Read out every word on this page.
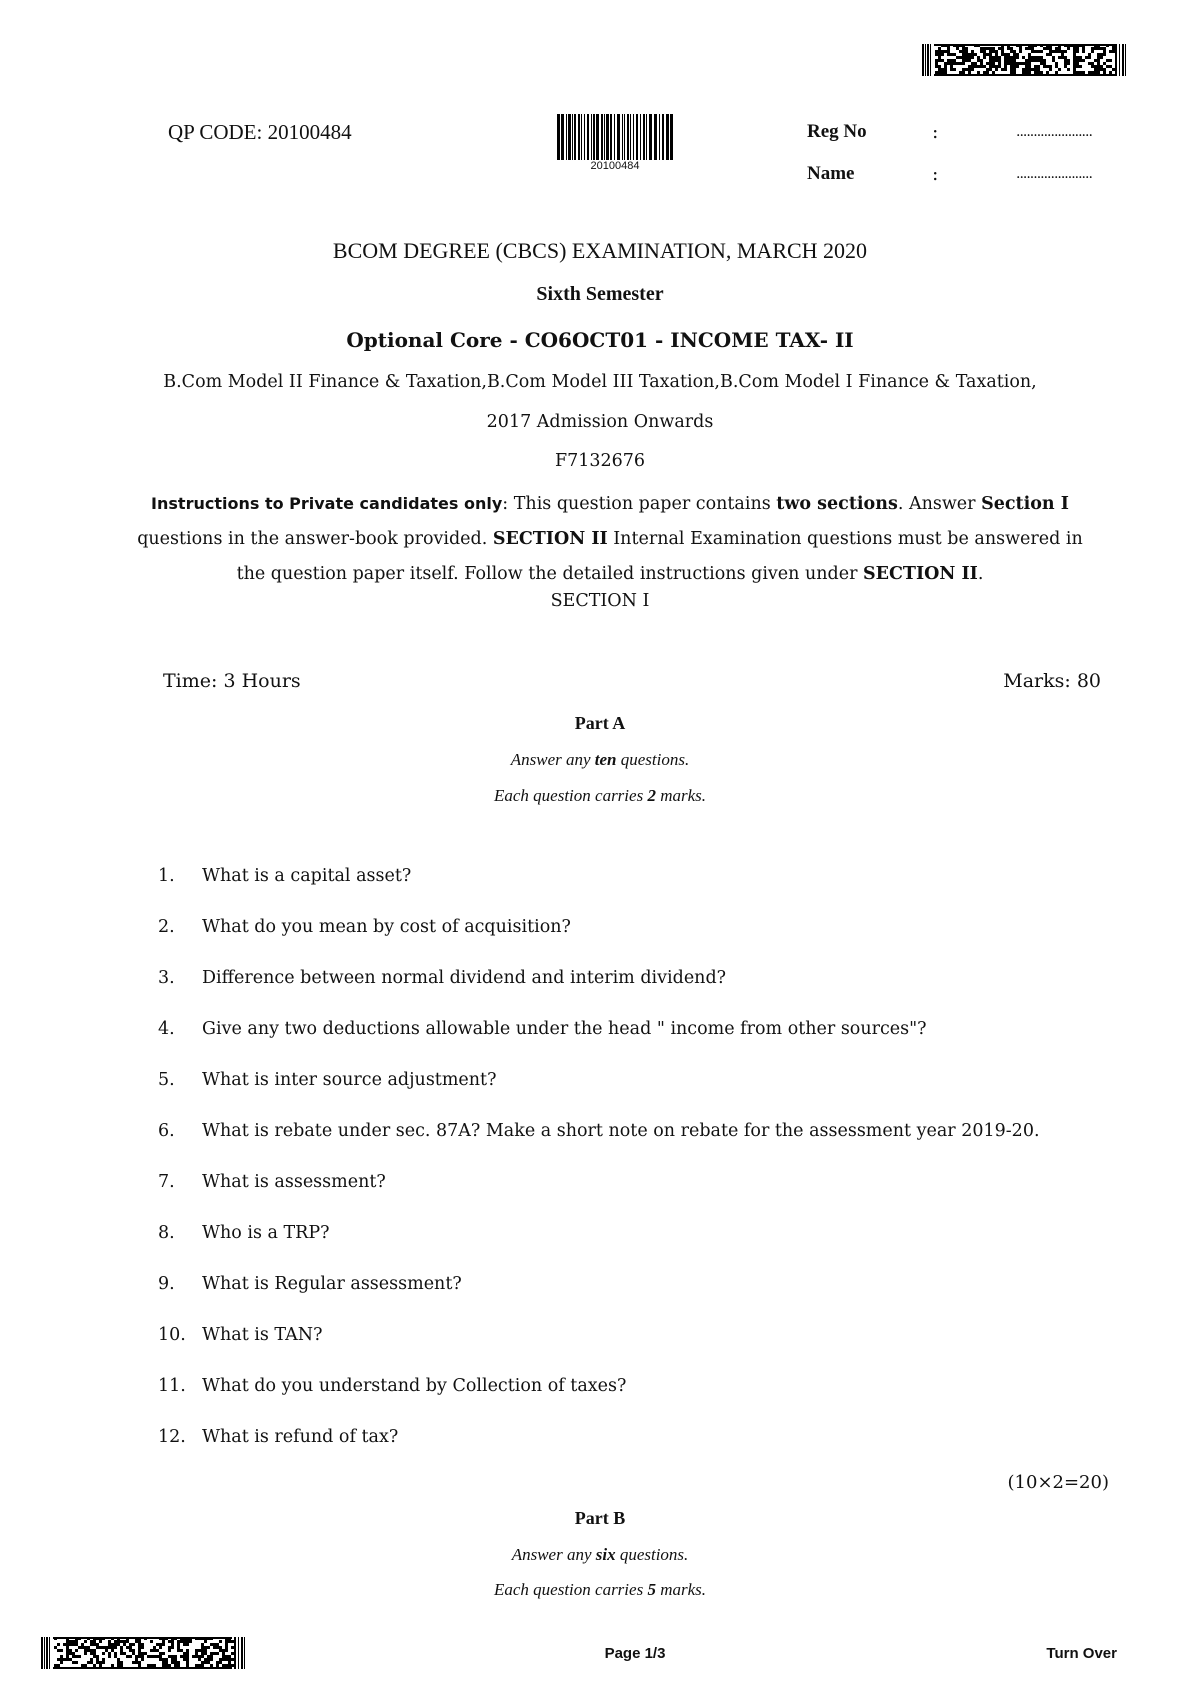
QP CODE: 20100484
20100484
Reg No	:	......................
Name	:	......................
BCOM DEGREE (CBCS) EXAMINATION, MARCH 2020
Sixth Semester
Optional Core - CO6OCT01 - INCOME TAX- II
B.Com Model II Finance & Taxation,B.Com Model III Taxation,B.Com Model I Finance & Taxation,
2017 Admission Onwards
F7132676
Instructions to Private candidates only: This question paper contains two sections. Answer Section I questions in the answer-book provided. SECTION II Internal Examination questions must be answered in the question paper itself. Follow the detailed instructions given under SECTION II.
SECTION I
Time: 3 Hours	Marks: 80
Part A
Answer any ten questions.
Each question carries 2 marks.
1.	What is a capital asset?
2.	What do you mean by cost of acquisition?
3.	Difference between normal dividend and interim dividend?
4.	Give any two deductions allowable under the head " income from other sources"?
5.	What is inter source adjustment?
6.	What is rebate under sec. 87A? Make a short note on rebate for the assessment year 2019-20.
7.	What is assessment?
8.	Who is a TRP?
9.	What is Regular assessment?
10. What is TAN?
11. What do you understand by Collection of taxes?
12. What is refund of tax?
(10×2=20)
Part B
Answer any six questions.
Each question carries 5 marks.
Page 1/3	Turn Over
